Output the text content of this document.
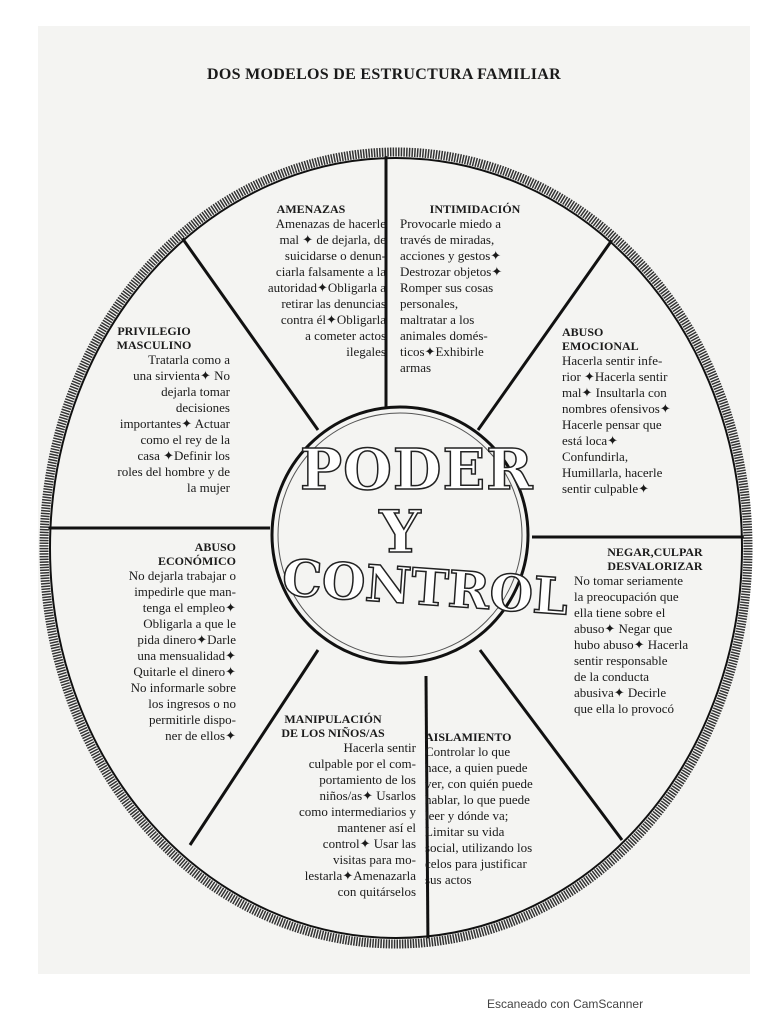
DOS MODELOS DE ESTRUCTURA FAMILIAR
PODER
Y
CONTROL
AMENAZAS
Amenazas de hacerle
mal ✦ de dejarla, de
suicidarse o denun-
ciarla falsamente a la
autoridad✦Obligarla a
retirar las denuncias
contra él✦Obligarla
a cometer actos
ilegales
INTIMIDACIÓN
Provocarle miedo a
través de miradas,
acciones y gestos✦
Destrozar objetos✦
Romper sus cosas
personales,
maltratar a los
animales domés-
ticos✦Exhibirle
armas
ABUSO
EMOCIONAL
Hacerla sentir infe-
rior ✦Hacerla sentir
mal✦ Insultarla con
nombres ofensivos✦
Hacerle pensar que
está loca✦
Confundirla,
Humillarla, hacerle
sentir culpable✦
NEGAR,CULPAR
DESVALORIZAR
No tomar seriamente
la preocupación que
ella tiene sobre el
abuso✦ Negar que
hubo abuso✦ Hacerla
sentir responsable
de la conducta
abusiva✦ Decirle
que ella lo provocó
AISLAMIENTO
Controlar lo que
hace, a quien puede
ver, con quién puede
hablar, lo que puede
leer y dónde va;
Limitar su vida
social, utilizando los
celos para justificar
sus actos
MANIPULACIÓN
DE LOS NIÑOS/AS
Hacerla sentir
culpable por el com-
portamiento de los
niños/as✦ Usarlos
como intermediarios y
mantener así el
control✦ Usar las
visitas para mo-
lestarla✦Amenazarla
con quitárselos
ABUSO
ECONÓMICO
No dejarla trabajar o
impedirle que man-
tenga el empleo✦
Obligarla a que le
pida dinero✦Darle
una mensualidad✦
Quitarle el dinero✦
No informarle sobre
los ingresos o no
permitirle dispo-
ner de ellos✦
PRIVILEGIO
MASCULINO
Tratarla como a
una sirvienta✦ No
dejarla tomar
decisiones
importantes✦ Actuar
como el rey de la
casa ✦Definir los
roles del hombre y de
la mujer
Escaneado con CamScanner
